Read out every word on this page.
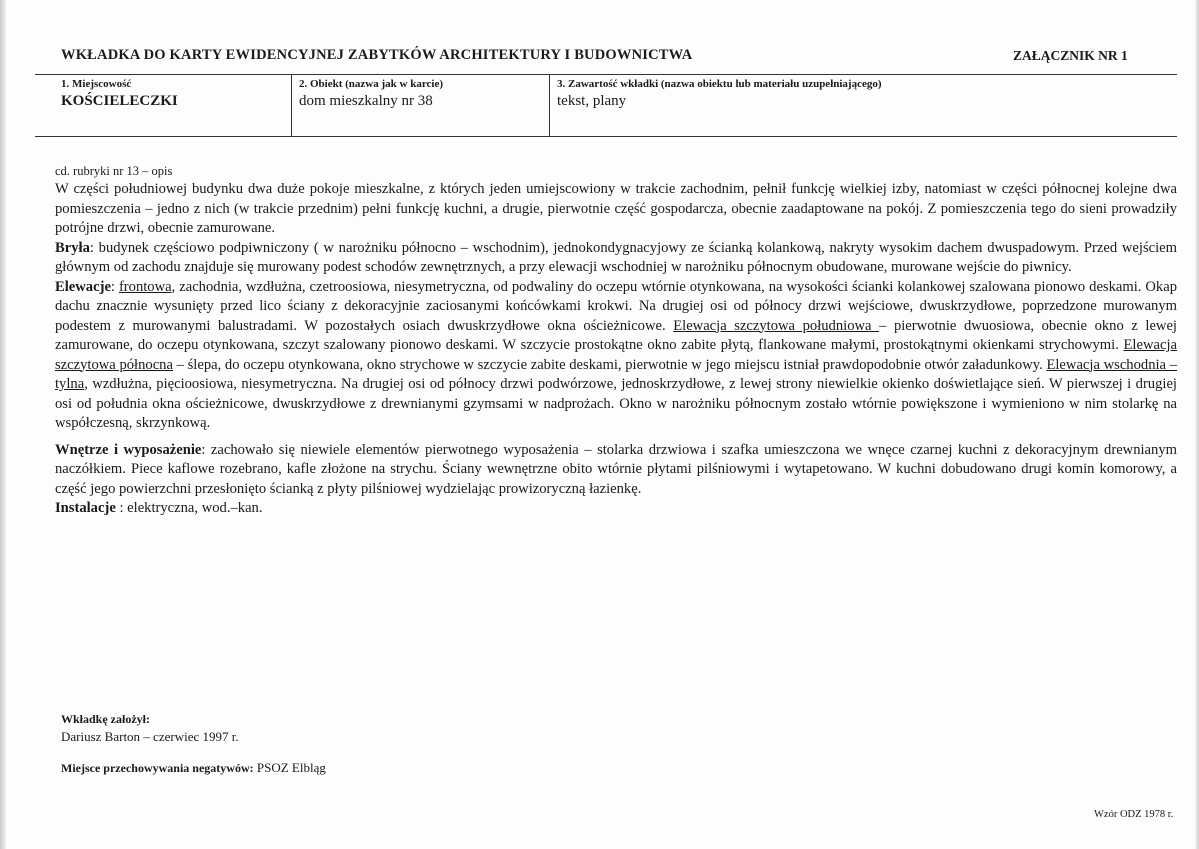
WKŁADKA DO KARTY EWIDENCYJNEJ ZABYTKÓW ARCHITEKTURY I BUDOWNICTWA	ZAŁĄCZNIK NR 1
1. Miejscowość
KOŚCIELECZKI
2. Obiekt (nazwa jak w karcie)
dom mieszkalny nr 38
3. Zawartość wkładki (nazwa obiektu lub materiału uzupełniającego)
tekst, plany

cd. rubryki nr 13 – opis

W części południowej budynku dwa duże pokoje mieszkalne, z których jeden umiejscowiony w trakcie zachodnim, pełnił funkcję wielkiej izby, natomiast w części północnej kolejne dwa pomieszczenia – jedno z nich (w trakcie przednim) pełni funkcję kuchni, a drugie, pierwotnie część gospodarcza, obecnie zaadaptowane na pokój. Z pomieszczenia tego do sieni prowadziły potrójne drzwi, obecnie zamurowane.

Bryła: budynek częściowo podpiwniczony ( w narożniku północno – wschodnim), jednokondygnacyjowy ze ścianką kolankową, nakryty wysokim dachem dwuspadowym. Przed wejściem głównym od zachodu znajduje się murowany podest schodów zewnętrznych, a przy elewacji wschodniej w narożniku północnym obudowane, murowane wejście do piwnicy.

Elewacje: frontowa, zachodnia, wzdłużna, czetroosiowa, niesymetryczna, od podwaliny do oczepu wtórnie otynkowana, na wysokości ścianki kolankowej szalowana pionowo deskami. Okap dachu znacznie wysunięty przed lico ściany z dekoracyjnie zaciosanymi końcówkami krokwi. Na drugiej osi od północy drzwi wejściowe, dwuskrzydłowe, poprzedzone murowanym podestem z murowanymi balustradami. W pozostałych osiach dwuskrzydłowe okna ościeżnicowe. Elewacja szczytowa południowa – pierwotnie dwuosiowa, obecnie okno z lewej zamurowane, do oczepu otynkowana, szczyt szalowany pionowo deskami. W szczycie prostokątne okno zabite płytą, flankowane małymi, prostokątnymi okienkami strychowymi. Elewacja szczytowa północna – ślepa, do oczepu otynkowana, okno strychowe w szczycie zabite deskami, pierwotnie w jego miejscu istniał prawdopodobnie otwór załadunkowy. Elewacja wschodnia – tylna, wzdłużna, pięcioosiowa, niesymetryczna. Na drugiej osi od północy drzwi podwórzowe, jednoskrzydłowe, z lewej strony niewielkie okienko doświetlające sień. W pierwszej i drugiej osi od południa okna ościeżnicowe, dwuskrzydłowe z drewnianymi gzymsami w nadprożach. Okno w narożniku północnym zostało wtórnie powiększone i wymieniono w nim stolarkę na współczesną, skrzynkową.

Wnętrze i wyposażenie: zachowało się niewiele elementów pierwotnego wyposażenia – stolarka drzwiowa i szafka umieszczona we wnęce czarnej kuchni z dekoracyjnym drewnianym naczółkiem. Piece kaflowe rozebrano, kafle złożone na strychu. Ściany wewnętrzne obito wtórnie płytami pilśniowymi i wytapetowano. W kuchni dobudowano drugi komin komorowy, a część jego powierzchni przesłonięto ścianką z płyty pilśniowej wydzielając prowizoryczną łazienkę.

Instalacje : elektryczna, wod.–kan.

Wkładkę założył:
Dariusz Barton – czerwiec 1997 r.
Miejsce przechowywania negatywów: PSOZ Elbląg
Wzór ODZ 1978 r.
